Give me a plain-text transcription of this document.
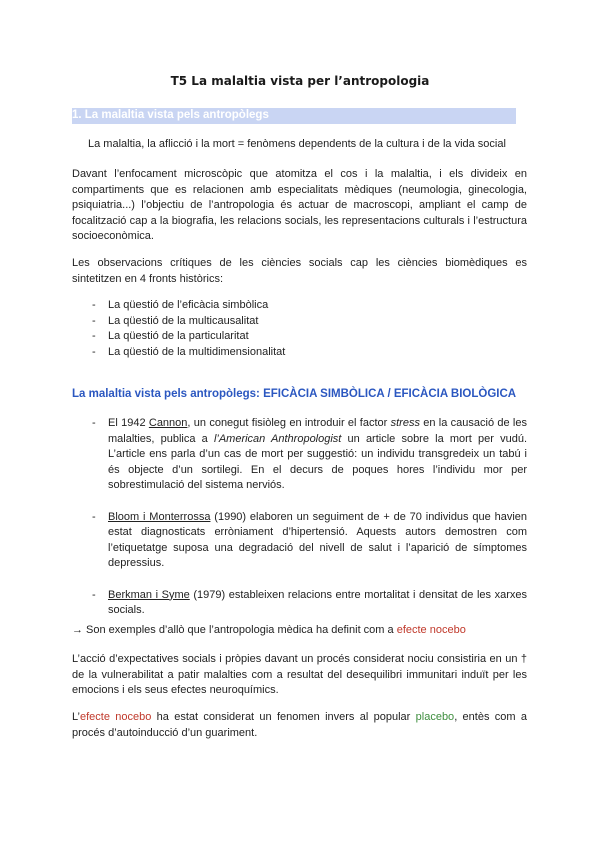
T5 La malaltia vista per l’antropologia
1. La malaltia vista pels antropòlegs

La malaltia, la aflicció i la mort = fenòmens dependents de la cultura i de la vida social

Davant l’enfocament microscòpic que atomitza el cos i la malaltia, i els divideix en compartiments que es relacionen amb especialitats mèdiques (neumologia, ginecologia, psiquiatria...) l’objectiu de l’antropologia és actuar de macroscopi, ampliant el camp de focalització cap a la biografia, les relacions socials, les representacions culturals i l’estructura socioeconòmica.

Les observacions crítiques de les ciències socials cap les ciències biomèdiques es sintetitzen en 4 fronts històrics:

- La qüestió de l’eficàcia simbòlica
- La qüestió de la multicausalitat
- La qüestió de la particularitat
- La qüestió de la multidimensionalitat
La malaltia vista pels antropòlegs: EFICÀCIA SIMBÒLICA / EFICÀCIA BIOLÒGICA
- El 1942 Cannon, un conegut fisiòleg en introduir el factor stress en la causació de les malalties, publica a l’American Anthropologist un article sobre la mort per vudú. L’article ens parla d’un cas de mort per suggestió: un individu transgredeix un tabú i és objecte d’un sortilegi. En el decurs de poques hores l’individu mor per sobrestimulació del sistema nerviós.
- Bloom i Monterrossa (1990) elaboren un seguiment de + de 70 individus que havien estat diagnosticats erròniament d’hipertensió. Aquests autors demostren com l’etiquetatge suposa una degradació del nivell de salut i l’aparició de símptomes depressius.
- Berkman i Syme (1979) estableixen relacions entre mortalitat i densitat de les xarxes socials.

→ Son exemples d’allò que l’antropologia mèdica ha definit com a efecte nocebo

L’acció d’expectatives socials i pròpies davant un procés considerat nociu consistiria en un † de la vulnerabilitat a patir malalties com a resultat del desequilibri immunitari induït per les emocions i els seus efectes neuroquímics.

L’efecte nocebo ha estat considerat un fenomen invers al popular placebo, entès com a procés d’autoinducció d’un guariment.
